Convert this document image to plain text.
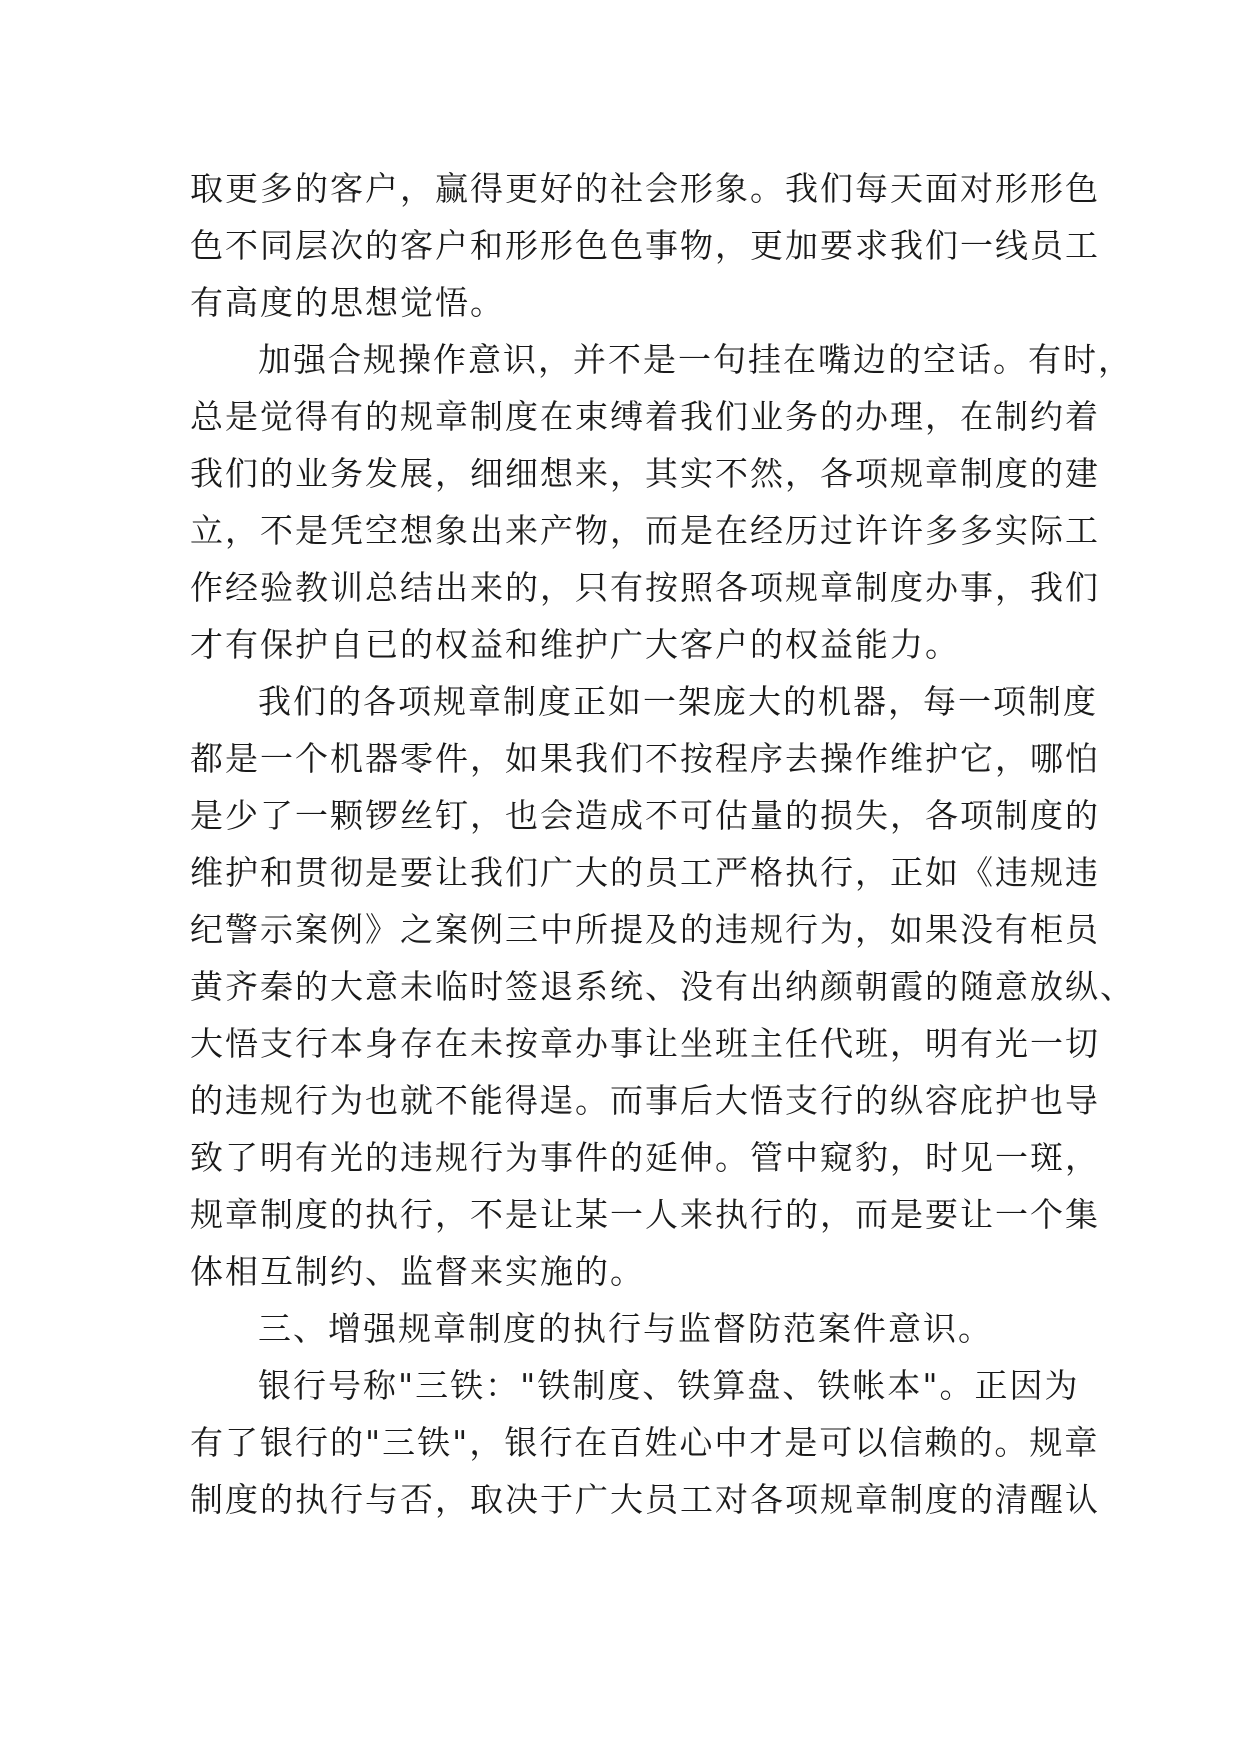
取更多的客户，赢得更好的社会形象。我们每天面对形形色
色不同层次的客户和形形色色事物，更加要求我们一线员工
有高度的思想觉悟。
加强合规操作意识，并不是一句挂在嘴边的空话。有时，
总是觉得有的规章制度在束缚着我们业务的办理，在制约着
我们的业务发展，细细想来，其实不然，各项规章制度的建
立，不是凭空想象出来产物，而是在经历过许许多多实际工
作经验教训总结出来的，只有按照各项规章制度办事，我们
才有保护自已的权益和维护广大客户的权益能力。
我们的各项规章制度正如一架庞大的机器，每一项制度
都是一个机器零件，如果我们不按程序去操作维护它，哪怕
是少了一颗锣丝钉，也会造成不可估量的损失，各项制度的
维护和贯彻是要让我们广大的员工严格执行，正如《违规违
纪警示案例》之案例三中所提及的违规行为，如果没有柜员
黄齐秦的大意未临时签退系统、没有出纳颜朝霞的随意放纵、
大悟支行本身存在未按章办事让坐班主任代班，明有光一切
的违规行为也就不能得逞。而事后大悟支行的纵容庇护也导
致了明有光的违规行为事件的延伸。管中窥豹，时见一斑，
规章制度的执行，不是让某一人来执行的，而是要让一个集
体相互制约、监督来实施的。
三、增强规章制度的执行与监督防范案件意识。
银行号称"三铁："铁制度、铁算盘、铁帐本"。正因为
有了银行的"三铁"，银行在百姓心中才是可以信赖的。规章
制度的执行与否，取决于广大员工对各项规章制度的清醒认
